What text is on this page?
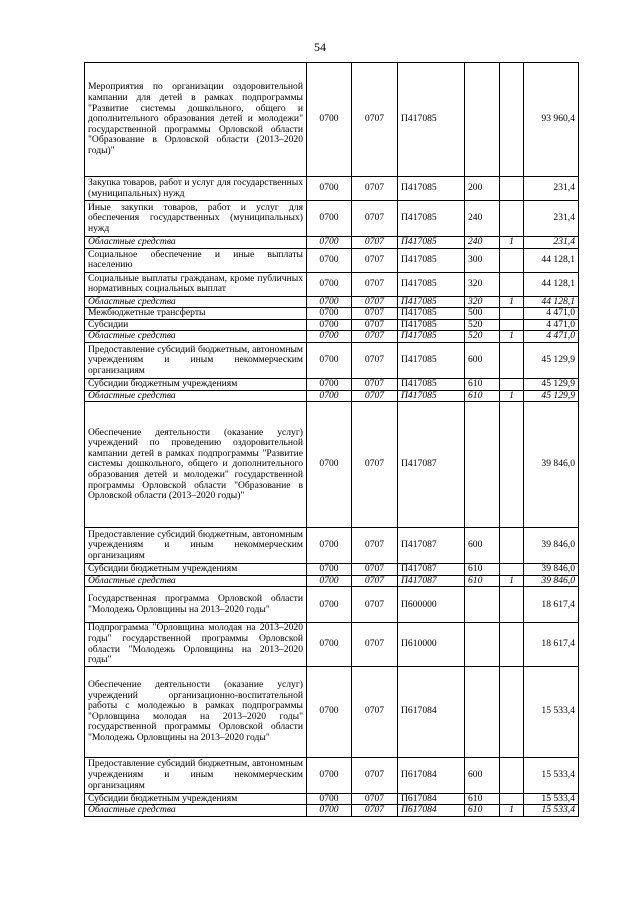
54
Мероприятия по организации оздоровительной кампании для детей в рамках подпрограммы "Развитие системы дошкольного, общего и дополнительного образования детей и молодежи" государственной программы Орловской области "Образование в Орловской области (2013–2020 годы)"	0700	0707	П417085			93 960,4
Закупка товаров, работ и услуг для государственных (муниципальных) нужд	0700	0707	П417085	200		231,4
Иные закупки товаров, работ и услуг для обеспечения государственных (муниципальных) нужд	0700	0707	П417085	240		231,4
Областные средства	0700	0707	П417085	240	1	231,4
Социальное обеспечение и иные выплаты населению	0700	0707	П417085	300		44 128,1
Социальные выплаты гражданам, кроме публичных нормативных социальных выплат	0700	0707	П417085	320		44 128,1
Областные средства	0700	0707	П417085	320	1	44 128,1
Межбюджетные трансферты	0700	0707	П417085	500		4 471,0
Субсидии	0700	0707	П417085	520		4 471,0
Областные средства	0700	0707	П417085	520	1	4 471,0
Предоставление субсидий бюджетным, автономным учреждениям и иным некоммерческим организациям	0700	0707	П417085	600		45 129,9
Субсидии бюджетным учреждениям	0700	0707	П417085	610		45 129,9
Областные средства	0700	0707	П417085	610	1	45 129,9
Обеспечение деятельности (оказание услуг) учреждений по проведению оздоровительной кампании детей в рамках подпрограммы "Развитие системы дошкольного, общего и дополнительного образования детей и молодежи" государственной программы Орловской области "Образование в Орловской области (2013–2020 годы)"	0700	0707	П417087			39 846,0
Предоставление субсидий бюджетным, автономным учреждениям и иным некоммерческим организациям	0700	0707	П417087	600		39 846,0
Субсидии бюджетным учреждениям	0700	0707	П417087	610		39 846,0
Областные средства	0700	0707	П417087	610	1	39 846,0
Государственная программа Орловской области "Молодежь Орловщины на 2013–2020 годы"	0700	0707	П600000			18 617,4
Подпрограмма "Орловщина молодая на 2013–2020 годы" государственной программы Орловской области "Молодежь Орловщины на 2013–2020 годы"	0700	0707	П610000			18 617,4
Обеспечение деятельности (оказание услуг) учреждений организационно-воспитательной работы с молодежью в рамках подпрограммы "Орловщина молодая на 2013–2020 годы" государственной программы Орловской области "Молодежь Орловщины на 2013–2020 годы"	0700	0707	П617084			15 533,4
Предоставление субсидий бюджетным, автономным учреждениям и иным некоммерческим организациям	0700	0707	П617084	600		15 533,4
Субсидии бюджетным учреждениям	0700	0707	П617084	610		15 533,4
Областные средства	0700	0707	П617084	610	1	15 533,4
